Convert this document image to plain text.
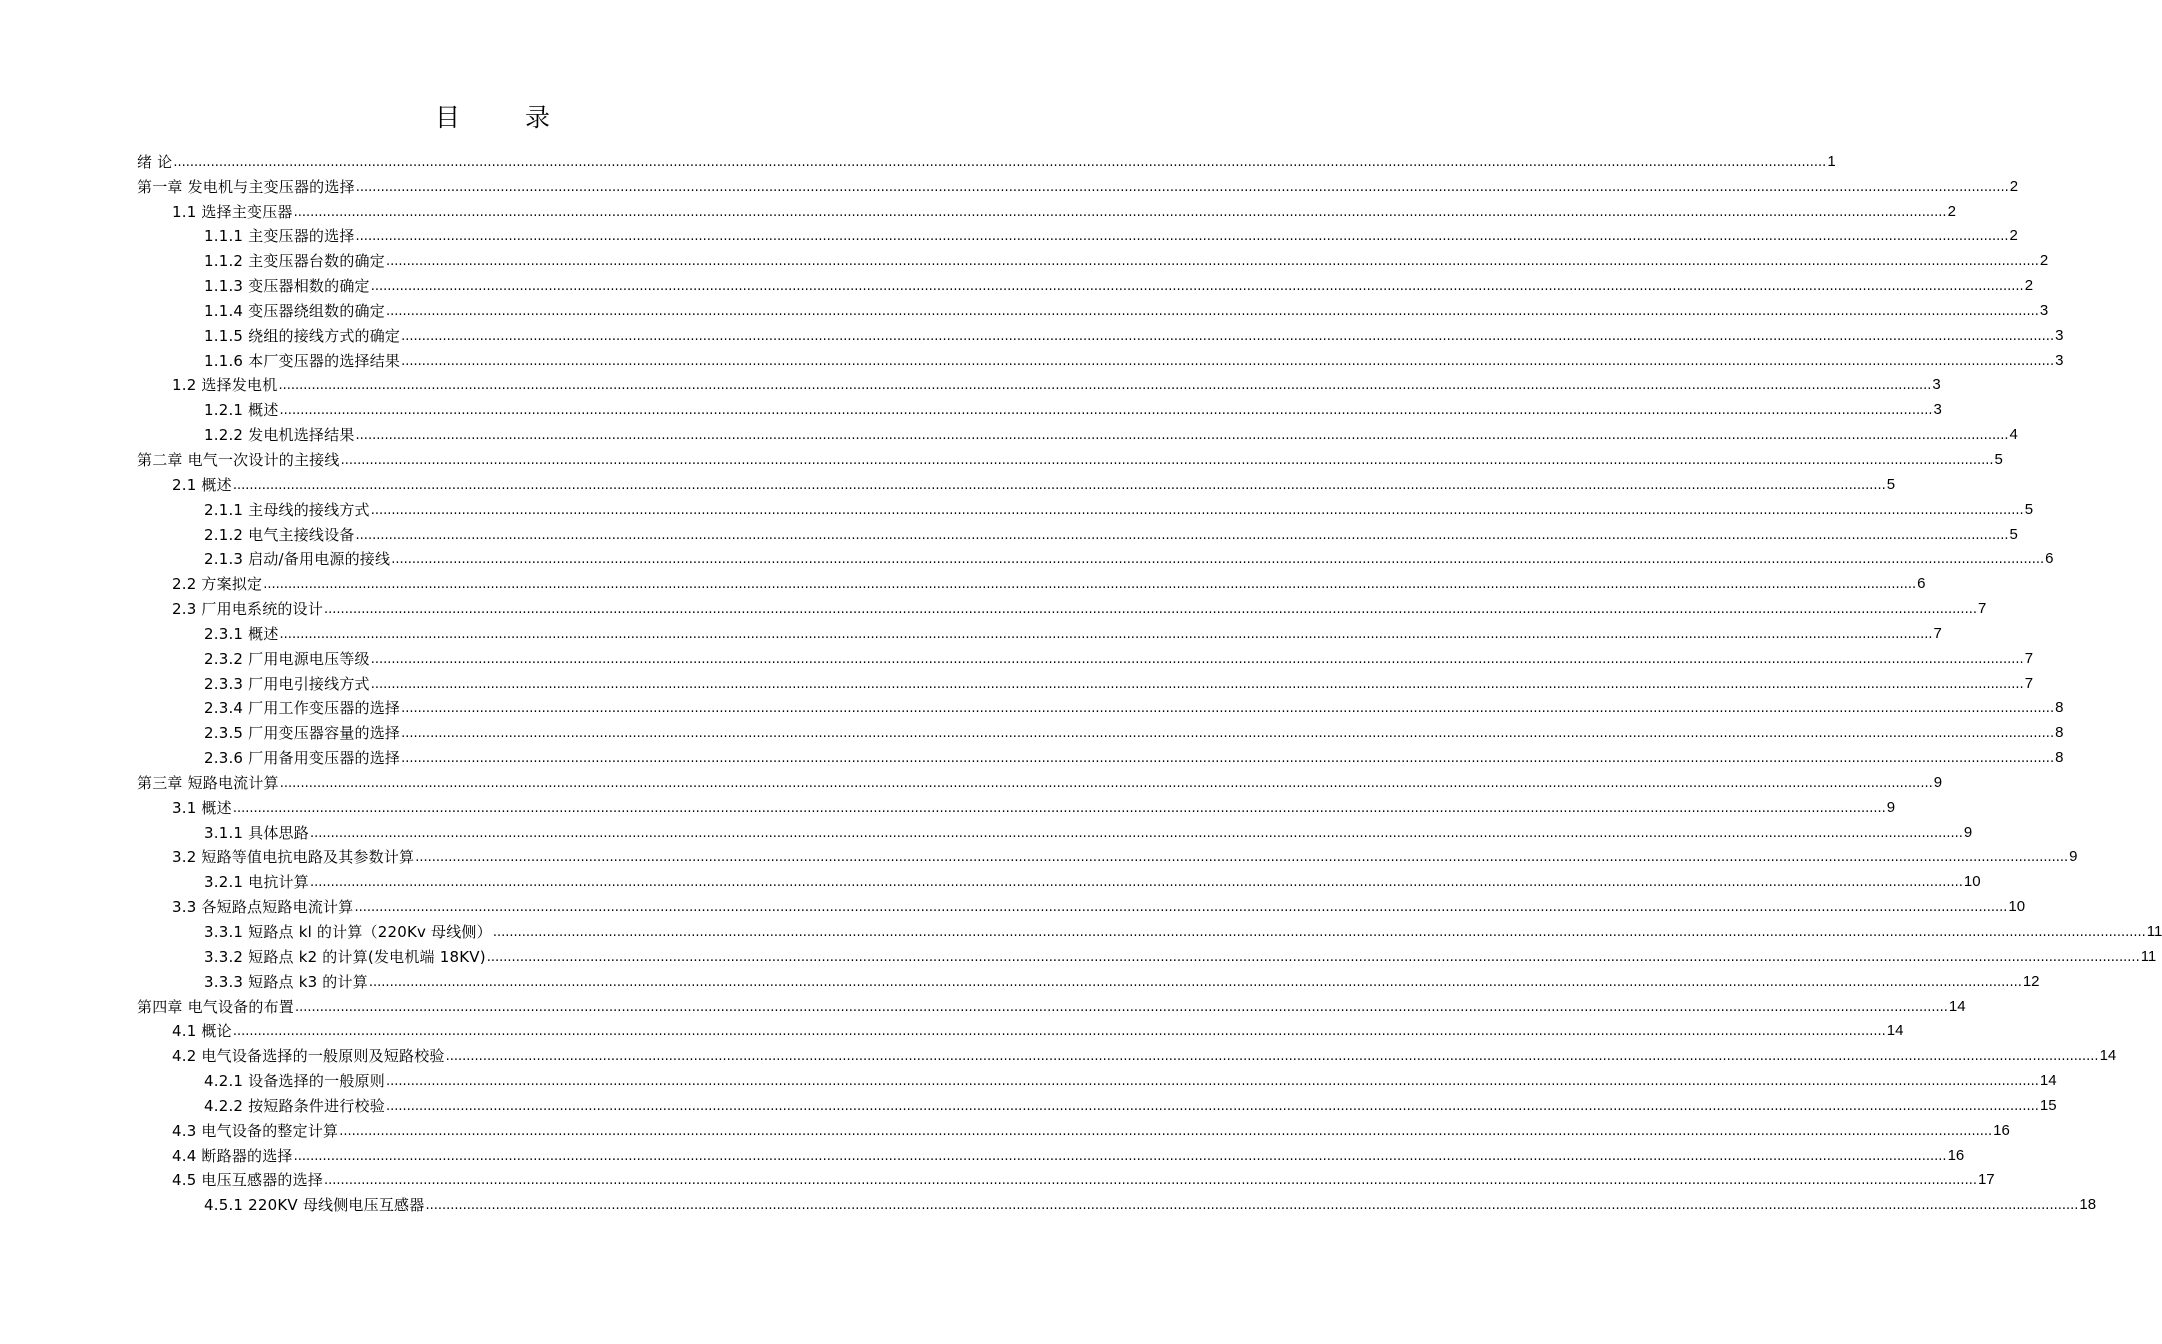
目　录
绪 论 ................................................................................................................................................................................................................................................................................................................................................................................................................ 1
第一章 发电机与主变压器的选择 ................................................................................................................................................................................................................................................................................................................................................................................................................ 2
1.1 选择主变压器 ................................................................................................................................................................................................................................................................................................................................................................................................................ 2
1.1.1 主变压器的选择 ................................................................................................................................................................................................................................................................................................................................................................................................................ 2
1.1.2 主变压器台数的确定 ................................................................................................................................................................................................................................................................................................................................................................................................................ 2
1.1.3 变压器相数的确定 ................................................................................................................................................................................................................................................................................................................................................................................................................ 2
1.1.4 变压器绕组数的确定 ................................................................................................................................................................................................................................................................................................................................................................................................................ 3
1.1.5 绕组的接线方式的确定 ................................................................................................................................................................................................................................................................................................................................................................................................................ 3
1.1.6 本厂变压器的选择结果 ................................................................................................................................................................................................................................................................................................................................................................................................................ 3
1.2 选择发电机 ................................................................................................................................................................................................................................................................................................................................................................................................................ 3
1.2.1 概述 ................................................................................................................................................................................................................................................................................................................................................................................................................ 3
1.2.2 发电机选择结果 ................................................................................................................................................................................................................................................................................................................................................................................................................ 4
第二章 电气一次设计的主接线 ................................................................................................................................................................................................................................................................................................................................................................................................................ 5
2.1 概述 ................................................................................................................................................................................................................................................................................................................................................................................................................ 5
2.1.1 主母线的接线方式 ................................................................................................................................................................................................................................................................................................................................................................................................................ 5
2.1.2 电气主接线设备 ................................................................................................................................................................................................................................................................................................................................................................................................................ 5
2.1.3 启动/备用电源的接线 ................................................................................................................................................................................................................................................................................................................................................................................................................ 6
2.2 方案拟定 ................................................................................................................................................................................................................................................................................................................................................................................................................ 6
2.3 厂用电系统的设计 ................................................................................................................................................................................................................................................................................................................................................................................................................ 7
2.3.1 概述 ................................................................................................................................................................................................................................................................................................................................................................................................................ 7
2.3.2 厂用电源电压等级 ................................................................................................................................................................................................................................................................................................................................................................................................................ 7
2.3.3 厂用电引接线方式 ................................................................................................................................................................................................................................................................................................................................................................................................................ 7
2.3.4 厂用工作变压器的选择 ................................................................................................................................................................................................................................................................................................................................................................................................................ 8
2.3.5 厂用变压器容量的选择 ................................................................................................................................................................................................................................................................................................................................................................................................................ 8
2.3.6 厂用备用变压器的选择 ................................................................................................................................................................................................................................................................................................................................................................................................................ 8
第三章 短路电流计算 ................................................................................................................................................................................................................................................................................................................................................................................................................ 9
3.1 概述 ................................................................................................................................................................................................................................................................................................................................................................................................................ 9
3.1.1 具体思路 ................................................................................................................................................................................................................................................................................................................................................................................................................ 9
3.2 短路等值电抗电路及其参数计算 ................................................................................................................................................................................................................................................................................................................................................................................................................ 9
3.2.1 电抗计算 ................................................................................................................................................................................................................................................................................................................................................................................................................ 10
3.3 各短路点短路电流计算 ................................................................................................................................................................................................................................................................................................................................................................................................................ 10
3.3.1 短路点 kl 的计算（220Kv 母线侧） ................................................................................................................................................................................................................................................................................................................................................................................................................ 11
3.3.2 短路点 k2 的计算(发电机端 18KV) ................................................................................................................................................................................................................................................................................................................................................................................................................ 11
3.3.3 短路点 k3 的计算 ................................................................................................................................................................................................................................................................................................................................................................................................................ 12
第四章 电气设备的布置 ................................................................................................................................................................................................................................................................................................................................................................................................................ 14
4.1 概论 ................................................................................................................................................................................................................................................................................................................................................................................................................ 14
4.2 电气设备选择的一般原则及短路校验 ................................................................................................................................................................................................................................................................................................................................................................................................................ 14
4.2.1 设备选择的一般原则 ................................................................................................................................................................................................................................................................................................................................................................................................................ 14
4.2.2 按短路条件进行校验 ................................................................................................................................................................................................................................................................................................................................................................................................................ 15
4.3 电气设备的整定计算 ................................................................................................................................................................................................................................................................................................................................................................................................................ 16
4.4 断路器的选择 ................................................................................................................................................................................................................................................................................................................................................................................................................ 16
4.5 电压互感器的选择 ................................................................................................................................................................................................................................................................................................................................................................................................................ 17
4.5.1 220KV 母线侧电压互感器 ................................................................................................................................................................................................................................................................................................................................................................................................................ 18
